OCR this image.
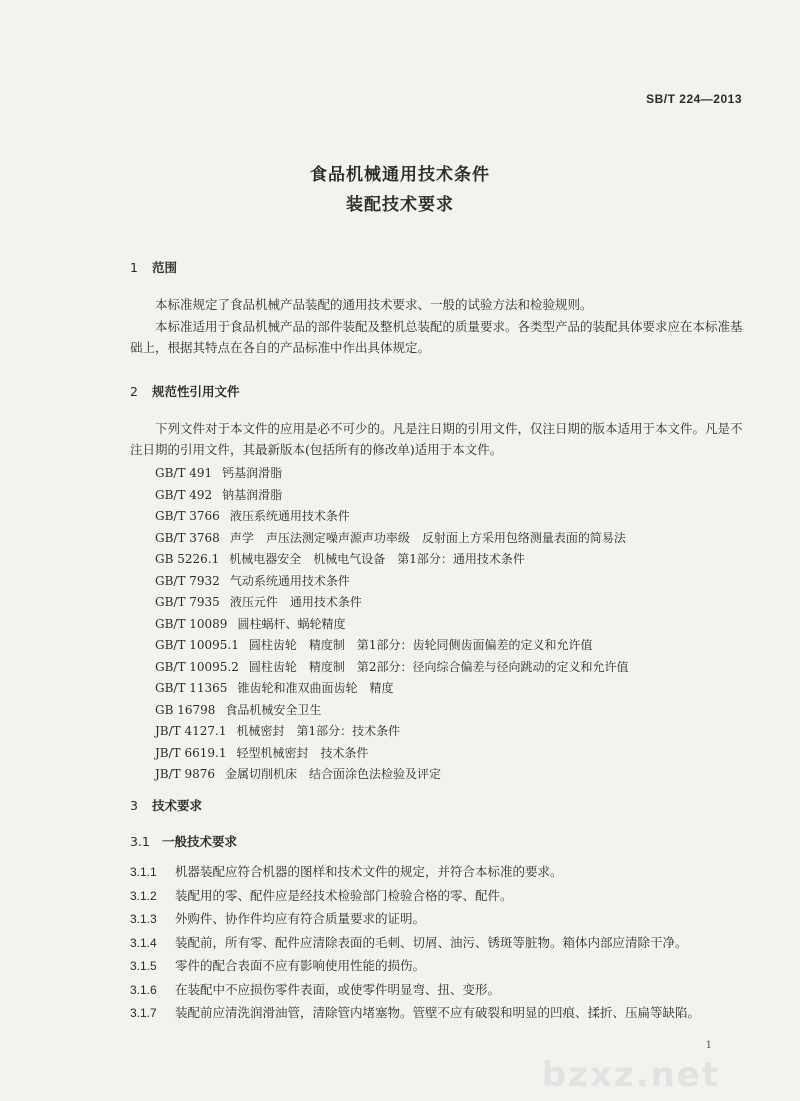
SB/T 224—2013
食品机械通用技术条件
装配技术要求
1 范围
本标准规定了食品机械产品装配的通用技术要求、一般的试验方法和检验规则。
本标准适用于食品机械产品的部件装配及整机总装配的质量要求。各类型产品的装配具体要求应在本标准基础上，根据其特点在各自的产品标准中作出具体规定。
2 规范性引用文件
下列文件对于本文件的应用是必不可少的。凡是注日期的引用文件，仅注日期的版本适用于本文件。凡是不注日期的引用文件，其最新版本(包括所有的修改单)适用于本文件。
GB/T 491 钙基润滑脂
GB/T 492 钠基润滑脂
GB/T 3766 液压系统通用技术条件
GB/T 3768 声学　声压法测定噪声源声功率级　反射面上方采用包络测量表面的简易法
GB 5226.1 机械电器安全　机械电气设备　第1部分：通用技术条件
GB/T 7932 气动系统通用技术条件
GB/T 7935 液压元件　通用技术条件
GB/T 10089 圆柱蜗杆、蜗轮精度
GB/T 10095.1 圆柱齿轮　精度制　第1部分：齿轮同侧齿面偏差的定义和允许值
GB/T 10095.2 圆柱齿轮　精度制　第2部分：径向综合偏差与径向跳动的定义和允许值
GB/T 11365 锥齿轮和准双曲面齿轮　精度
GB 16798 食品机械安全卫生
JB/T 4127.1 机械密封　第1部分：技术条件
JB/T 6619.1 轻型机械密封　技术条件
JB/T 9876 金属切削机床　结合面涂色法检验及评定
3 技术要求
3.1 一般技术要求
3.1.1 机器装配应符合机器的图样和技术文件的规定，并符合本标准的要求。
3.1.2 装配用的零、配件应是经技术检验部门检验合格的零、配件。
3.1.3 外购件、协作件均应有符合质量要求的证明。
3.1.4 装配前，所有零、配件应清除表面的毛刺、切屑、油污、锈斑等脏物。箱体内部应清除干净。
3.1.5 零件的配合表面不应有影响使用性能的损伤。
3.1.6 在装配中不应损伤零件表面，或使零件明显弯、扭、变形。
3.1.7 装配前应清洗润滑油管，清除管内堵塞物。管壁不应有破裂和明显的凹痕、揉折、压扁等缺陷。
1
bzxz.net
